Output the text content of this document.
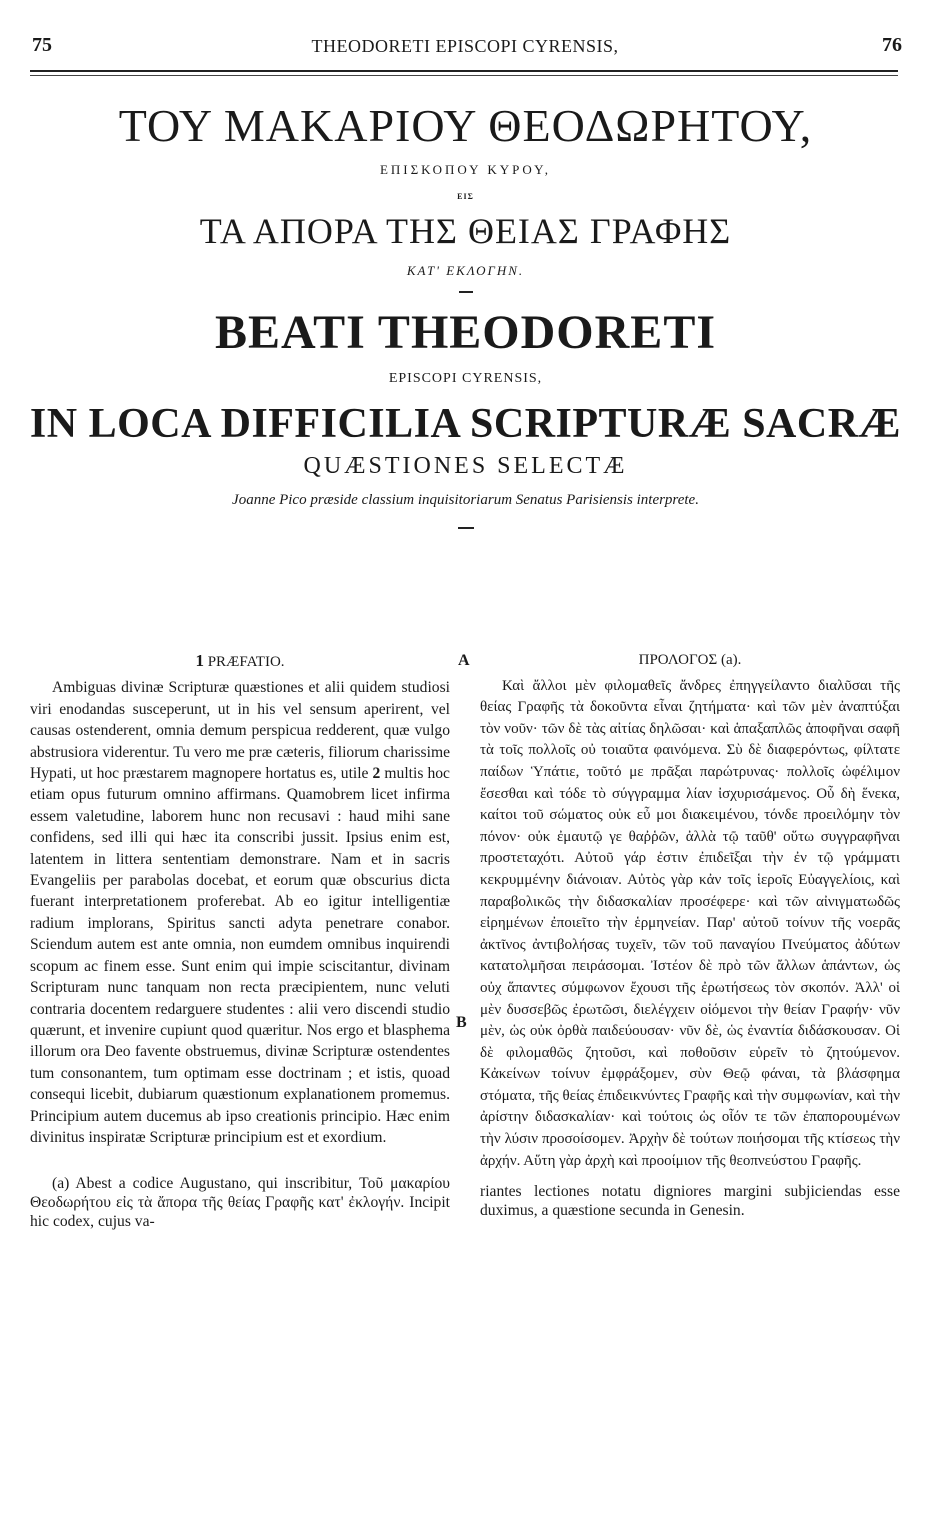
75	THEODORETI EPISCOPI CYRENSIS,	76
ΤΟΥ ΜΑΚΑΡΙΟΥ ΘΕΟΔΩΡΗΤΟΥ,
ΕΠΙΣΚΟΠΟΥ ΚΥΡΟΥ,
ΕΙΣ
ΤΑ ΑΠΟΡΑ ΤΗΣ ΘΕΙΑΣ ΓΡΑΦΗΣ
ΚΑΤ' ΕΚΛΟΓΗΝ.
BEATI THEODORETI
EPISCOPI CYRENSIS,
IN LOCA DIFFICILIA SCRIPTURÆ SACRÆ
QUÆSTIONES SELECTÆ
Joanne Pico præside classium inquisitoriarum Senatus Parisiensis interprete.
1 PRÆFATIO.

Ambiguas divinæ Scripturæ quæstiones et alii quidem studiosi viri enodandas susceperunt, ut in his vel sensum aperirent, vel causas ostenderent, omnia demum perspicua redderent, quæ vulgo abstrusiora viderentur. Tu vero me præ cæteris, filiorum charissime Hypati, ut hoc præstarem magnopere hortatus es, utile 2 multis hoc etiam opus futurum omnino affirmans. Quamobrem licet infirma essem valetudine, laborem hunc non recusavi : haud mihi sane confidens, sed illi qui hæc ita conscribi jussit. Ipsius enim est, latentem in littera sententiam demonstrare. Nam et in sacris Evangeliis per parabolas docebat, et eorum quæ obscurius dicta fuerant interpretationem proferebat. Ab eo igitur intelligentiæ radium implorans, Spiritus sancti adyta penetrare conabor. Sciendum autem est ante omnia, non eumdem omnibus inquirendi scopum ac finem esse. Sunt enim qui impie sciscitantur, divinam Scripturam nunc tanquam non recta præcipientem, nunc veluti contraria docentem redarguere studentes : alii vero discendi studio quærunt, et invenire cupiunt quod quæritur. Nos ergo et blasphema illorum ora Deo favente obstruemus, divinæ Scripturæ ostendentes tum consonantem, tum optimam esse doctrinam ; et istis, quoad consequi licebit, dubiarum quæstionum explanationem promemus. Principium autem ducemus ab ipso creationis principio. Hæc enim divinitus inspiratæ Scripturæ principium est et exordium.

(a) Abest a codice Augustano, qui inscribitur, Τοῦ μακαρίου Θεοδωρήτου εἰς τὰ ἄπορα τῆς θείας Γραφῆς κατ' ἐκλογήν. Incipit hic codex, cujus va-

A
B
ΠΡΟΛΟΓΟΣ (a).

Καὶ ἄλλοι μὲν φιλομαθεῖς ἄνδρες ἐπηγγείλαντο διαλῦσαι τῆς θείας Γραφῆς τὰ δοκοῦντα εἶναι ζητήματα· καὶ τῶν μὲν ἀναπτύξαι τὸν νοῦν· τῶν δὲ τὰς αἰτίας δηλῶσαι· καὶ ἁπαξαπλῶς ἀποφῆναι σαφῆ τὰ τοῖς πολλοῖς οὐ τοιαῦτα φαινόμενα. Σὺ δὲ διαφερόντως, φίλτατε παίδων Ὑπάτιε, τοῦτό με πρᾶξαι παρώτρυνας· πολλοῖς ὠφέλιμον ἔσεσθαι καὶ τόδε τὸ σύγγραμμα λίαν ἰσχυρισάμενος. Οὗ δὴ ἕνεκα, καίτοι τοῦ σώματος οὐκ εὖ μοι διακειμένου, τόνδε προειλόμην τὸν πόνον· οὐκ ἐμαυτῷ γε θαῤῥῶν, ἀλλὰ τῷ ταῦθ' οὕτω συγγραφῆναι προστεταχότι. Αὐτοῦ γάρ ἐστιν ἐπιδεῖξαι τὴν ἐν τῷ γράμματι κεκρυμμένην διάνοιαν. Αὐτὸς γὰρ κἀν τοῖς ἱεροῖς Εὐαγγελίοις, καὶ παραβολικῶς τὴν διδασκαλίαν προσέφερε· καὶ τῶν αἰνιγματωδῶς εἰρημένων ἐποιεῖτο τὴν ἑρμηνείαν. Παρ' αὐτοῦ τοίνυν τῆς νοερᾶς ἀκτῖνος ἀντιβολήσας τυχεῖν, τῶν τοῦ παναγίου Πνεύματος ἀδύτων κατατολμῆσαι πειράσομαι. Ἰστέον δὲ πρὸ τῶν ἄλλων ἁπάντων, ὡς οὐχ ἅπαντες σύμφωνον ἔχουσι τῆς ἐρωτήσεως τὸν σκοπόν. Ἀλλ' οἱ μὲν δυσσεβῶς ἐρωτῶσι, διελέγχειν οἰόμενοι τὴν θείαν Γραφήν· νῦν μὲν, ὡς οὐκ ὀρθὰ παιδεύουσαν· νῦν δὲ, ὡς ἐναντία διδάσκουσαν. Οἱ δὲ φιλομαθῶς ζητοῦσι, καὶ ποθοῦσιν εὑρεῖν τὸ ζητούμενον. Κἀκείνων τοίνυν ἐμφράξομεν, σὺν Θεῷ φάναι, τὰ βλάσφημα στόματα, τῆς θείας ἐπιδεικνύντες Γραφῆς καὶ τὴν συμφωνίαν, καὶ τὴν ἀρίστην διδασκαλίαν· καὶ τούτοις ὡς οἷόν τε τῶν ἐπαπορουμένων τὴν λύσιν προσοίσομεν. Ἀρχὴν δὲ τούτων ποιήσομαι τῆς κτίσεως τὴν ἀρχήν. Αὕτη γὰρ ἀρχὴ καὶ προοίμιον τῆς θεοπνεύστου Γραφῆς.

riantes lectiones notatu digniores margini subjiciendas esse duximus, a quæstione secunda in Genesin.
